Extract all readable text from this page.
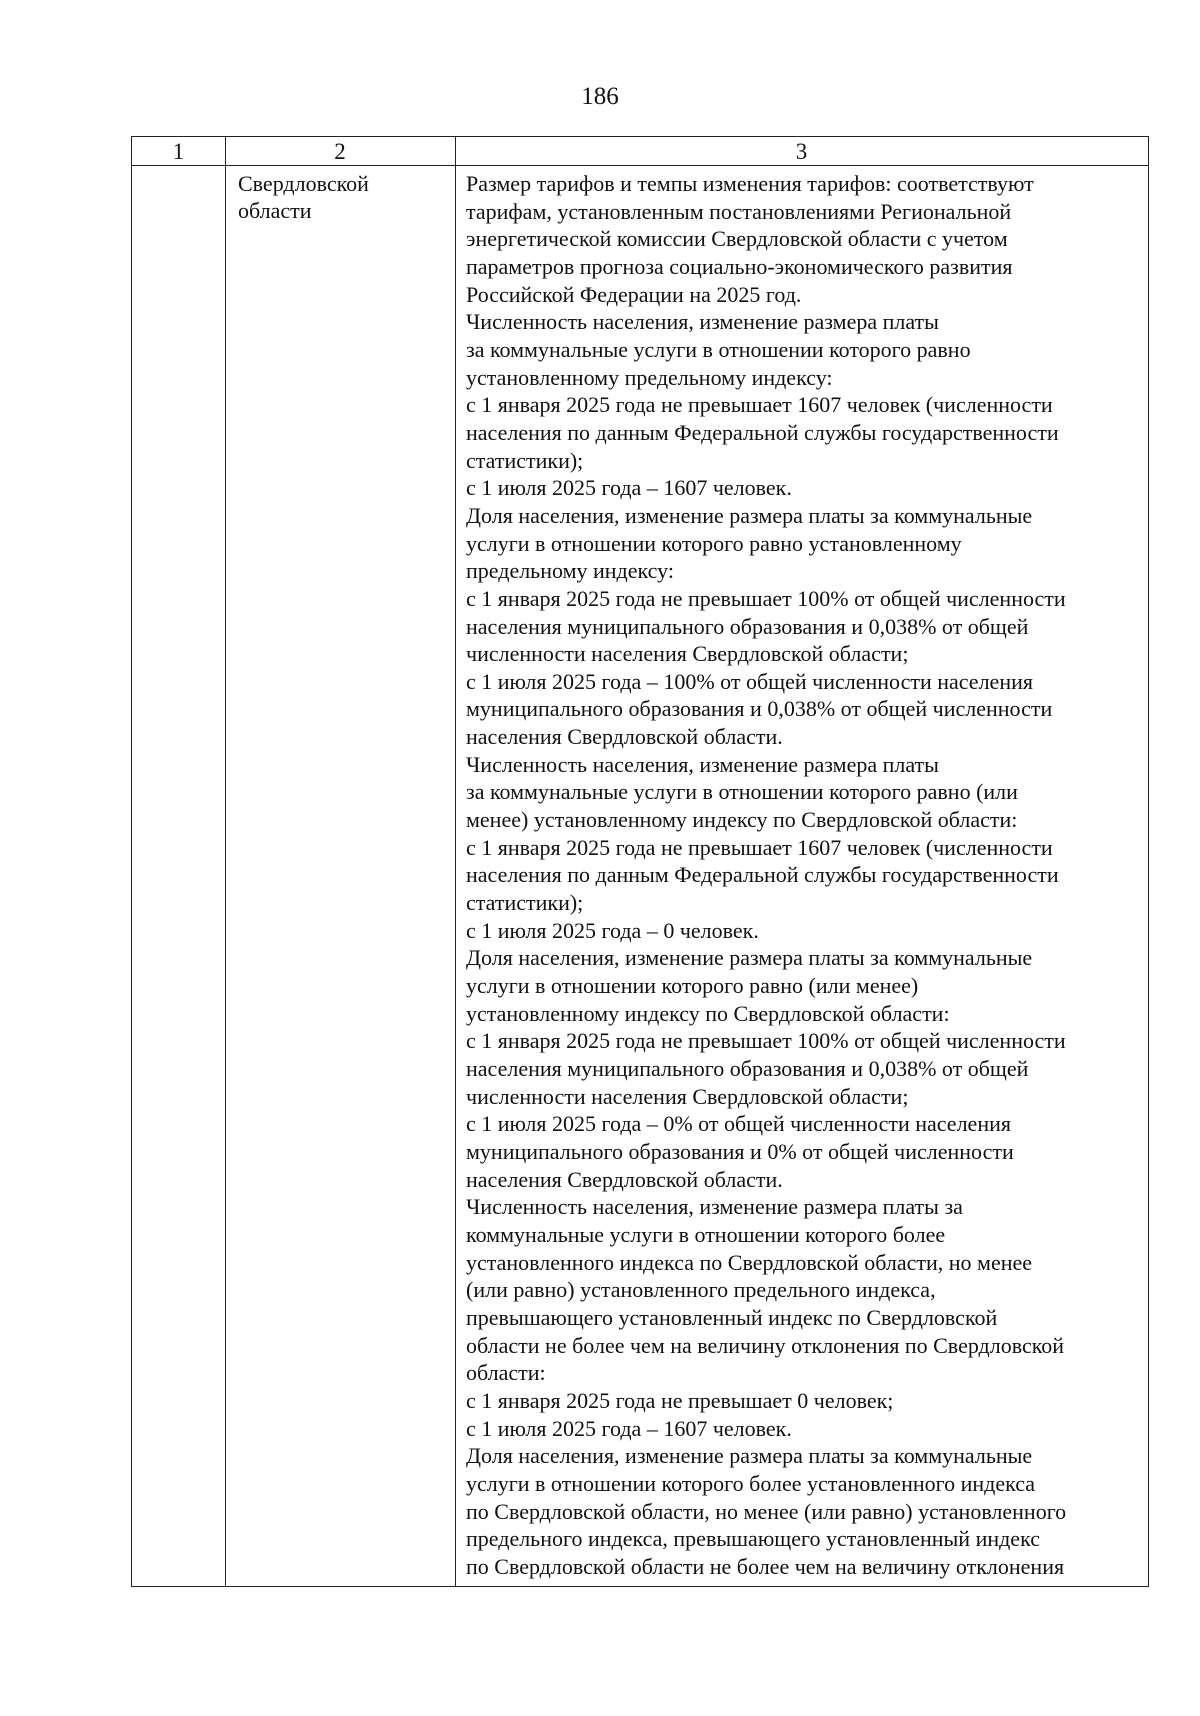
186
1	2	3
Свердловской
области
Размер тарифов и темпы изменения тарифов: соответствуют
тарифам, установленным постановлениями Региональной
энергетической комиссии Свердловской области с учетом
параметров прогноза социально-экономического развития
Российской Федерации на 2025 год.
Численность населения, изменение размера платы
за коммунальные услуги в отношении которого равно
установленному предельному индексу:
с 1 января 2025 года не превышает 1607 человек (численности
населения по данным Федеральной службы государственности
статистики);
с 1 июля 2025 года – 1607 человек.
Доля населения, изменение размера платы за коммунальные
услуги в отношении которого равно установленному
предельному индексу:
с 1 января 2025 года не превышает 100% от общей численности
населения муниципального образования и 0,038% от общей
численности населения Свердловской области;
с 1 июля 2025 года – 100% от общей численности населения
муниципального образования и 0,038% от общей численности
населения Свердловской области.
Численность населения, изменение размера платы
за коммунальные услуги в отношении которого равно (или
менее) установленному индексу по Свердловской области:
с 1 января 2025 года не превышает 1607 человек (численности
населения по данным Федеральной службы государственности
статистики);
с 1 июля 2025 года – 0 человек.
Доля населения, изменение размера платы за коммунальные
услуги в отношении которого равно (или менее)
установленному индексу по Свердловской области:
с 1 января 2025 года не превышает 100% от общей численности
населения муниципального образования и 0,038% от общей
численности населения Свердловской области;
с 1 июля 2025 года – 0% от общей численности населения
муниципального образования и 0% от общей численности
населения Свердловской области.
Численность населения, изменение размера платы за
коммунальные услуги в отношении которого более
установленного индекса по Свердловской области, но менее
(или равно) установленного предельного индекса,
превышающего установленный индекс по Свердловской
области не более чем на величину отклонения по Свердловской
области:
с 1 января 2025 года не превышает 0 человек;
с 1 июля 2025 года – 1607 человек.
Доля населения, изменение размера платы за коммунальные
услуги в отношении которого более установленного индекса
по Свердловской области, но менее (или равно) установленного
предельного индекса, превышающего установленный индекс
по Свердловской области не более чем на величину отклонения
